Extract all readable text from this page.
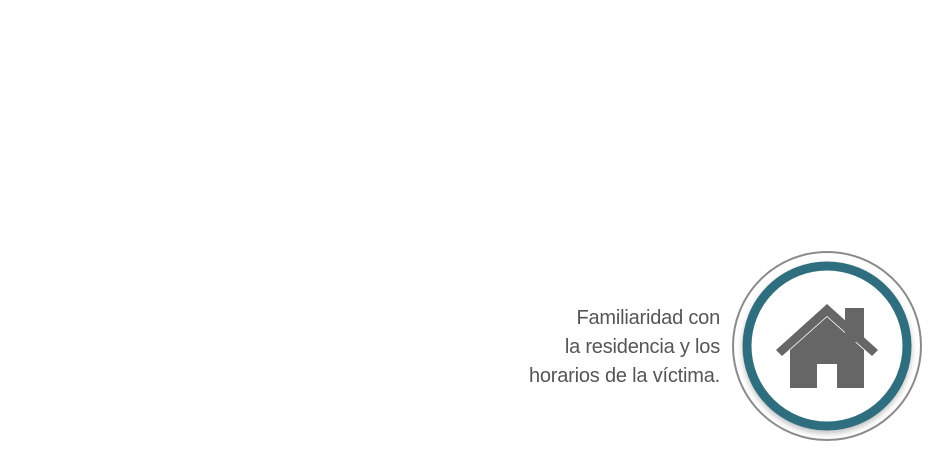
Familiaridad con
la residencia y los
horarios de la víctima.
